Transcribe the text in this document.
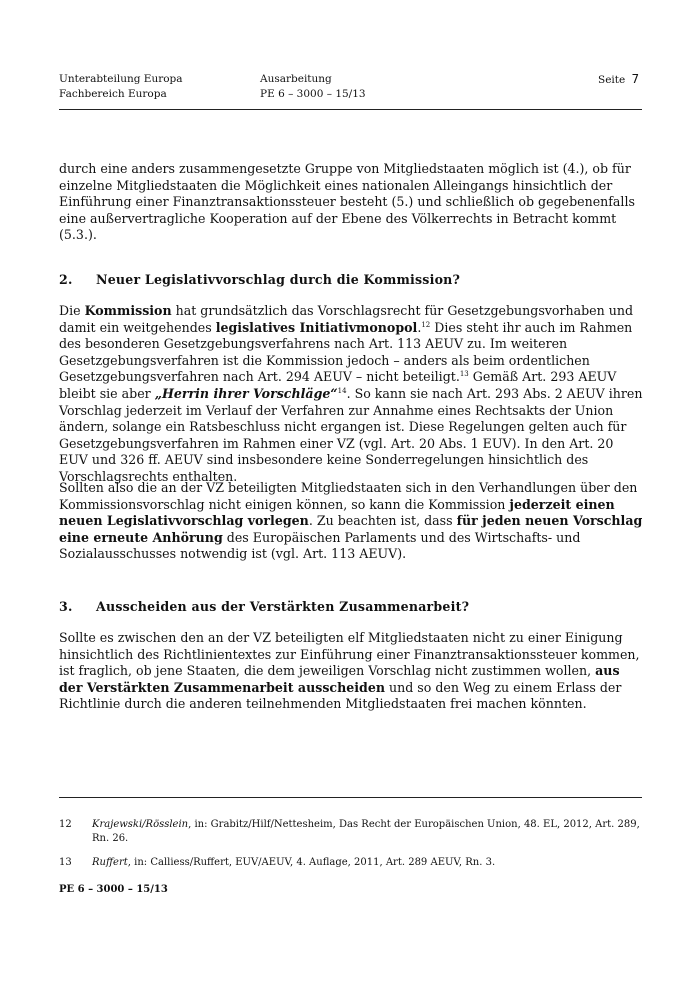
Unterabteilung Europa
Fachbereich Europa
Ausarbeitung
PE 6 – 3000 – 15/13
Seite 7
durch eine anders zusammengesetzte Gruppe von Mitgliedstaaten möglich ist (4.), ob für einzelne Mitgliedstaaten die Möglichkeit eines nationalen Alleingangs hinsichtlich der Einführung einer Finanztransaktionssteuer besteht (5.) und schließlich ob gegebenenfalls eine außervertragliche Kooperation auf der Ebene des Völkerrechts in Betracht kommt (5.3.).
2. Neuer Legislativvorschlag durch die Kommission?
Die Kommission hat grundsätzlich das Vorschlagsrecht für Gesetzgebungsvorhaben und damit ein weitgehendes legislatives Initiativmonopol.$^{12}$ Dies steht ihr auch im Rahmen des besonderen Gesetzgebungsverfahrens nach Art. 113 AEUV zu. Im weiteren Gesetzgebungsverfahren ist die Kommission jedoch – anders als beim ordentlichen Gesetzgebungsverfahren nach Art. 294 AEUV – nicht beteiligt.$^{13}$ Gemäß Art. 293 AEUV bleibt sie aber „Herrin ihrer Vorschläge“$^{14}$. So kann sie nach Art. 293 Abs. 2 AEUV ihren Vorschlag jederzeit im Verlauf der Verfahren zur Annahme eines Rechtsakts der Union ändern, solange ein Ratsbeschluss nicht ergangen ist. Diese Regelungen gelten auch für Gesetzgebungsverfahren im Rahmen einer VZ (vgl. Art. 20 Abs. 1 EUV). In den Art. 20 EUV und 326 ff. AEUV sind insbesondere keine Sonderregelungen hinsichtlich des Vorschlagsrechts enthalten.
Sollten also die an der VZ beteiligten Mitgliedstaaten sich in den Verhandlungen über den Kommissionsvorschlag nicht einigen können, so kann die Kommission jederzeit einen neuen Legislativvorschlag vorlegen. Zu beachten ist, dass für jeden neuen Vorschlag eine erneute Anhörung des Europäischen Parlaments und des Wirtschafts- und Sozialausschusses notwendig ist (vgl. Art. 113 AEUV).
3. Ausscheiden aus der Verstärkten Zusammenarbeit?
Sollte es zwischen den an der VZ beteiligten elf Mitgliedstaaten nicht zu einer Einigung hinsichtlich des Richtlinientextes zur Einführung einer Finanztransaktionssteuer kommen, ist fraglich, ob jene Staaten, die dem jeweiligen Vorschlag nicht zustimmen wollen, aus der Verstärkten Zusammenarbeit ausscheiden und so den Weg zu einem Erlass der Richtlinie durch die anderen teilnehmenden Mitgliedstaaten frei machen könnten.
12 Krajewski/Rösslein, in: Grabitz/Hilf/Nettesheim, Das Recht der Europäischen Union, 48. EL, 2012, Art. 289, Rn. 26.
13 Ruffert, in: Calliess/Ruffert, EUV/AEUV, 4. Auflage, 2011, Art. 289 AEUV, Rn. 3.
PE 6 – 3000 – 15/13
